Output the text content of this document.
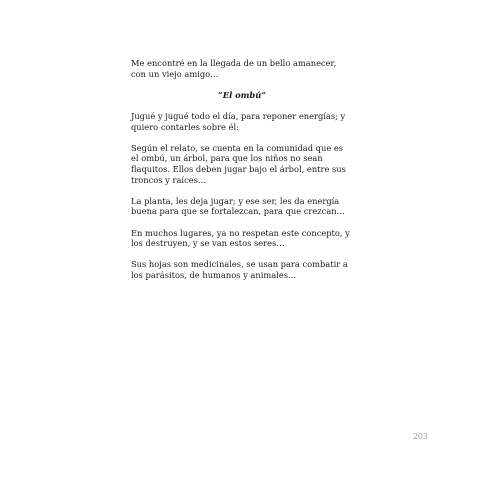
Me encontré en la llegada de un bello amanecer,
con un viejo amigo…

“El ombú”

Jugué y jugué todo el día, para reponer energías; y
quiero contarles sobre él:

Según el relato, se cuenta en la comunidad que es
el ombú, un árbol, para que los niños no sean
flaquitos. Ellos deben jugar bajo el árbol, entre sus
troncos y raíces…

La planta, les deja jugar; y ese ser, les da energía
buena para que se fortalezcan, para que crezcan…

En muchos lugares, ya no respetan este concepto, y
los destruyen, y se van estos seres…

Sus hojas son medicinales, se usan para combatir a
los parásitos, de humanos y animales…

203
